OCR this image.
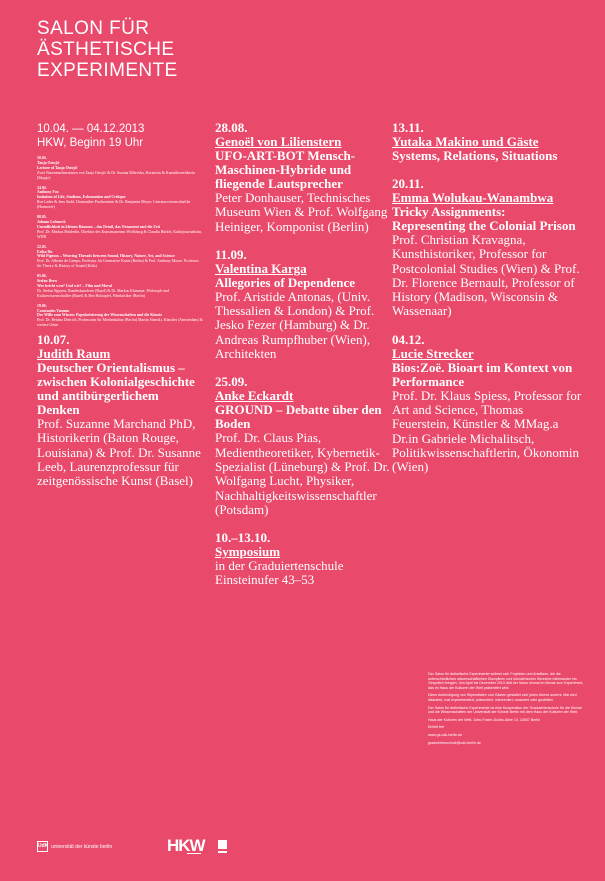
SALON FÜR
ÄSTHETISCHE
EXPERIMENTE
10.04. — 04.12.2013
HKW, Beginn 19 Uhr
10.04.
Tanja Ostojić
Lecture of Tanja Ostojić
Zwei Nasenmachnerinnen von Tanja Ostojić & Dr. Suzana Milevska, Kuratorin & Kunsttheoretikerin (Skopje)
24.04.
Anthony Fox
Imitation of Life, Studium, Exhumation and Critique
Roz Leder & Jens Stuhl, Dramatiker Produzenten & Dr. Benjamin Meyer, Literaturwissenschaftler (Hannover)
08.05.
Johann Lehmeck
Unendlichkeit in kleinen Räumen – das Detail, das Ornament und die Zeit
Prof. Dr. Markus Brüderlin, Direktor des Kunstmuseums Wolfsburg & Claudia Bürkle, Kulturjournalistin, WDR
22.05.
Erika Ho
Wild Pigeons – Weaving Threads between Sound, History, Nature, Art, and Science
Prof. Dr. Alberto de Campo, Professor für Generative Kunst (Berlin) & Prof. Anthony Moore, Professor für Theory & History of Sound (Köln)
05.06.
Stefan Bern
Wer beicht wen? Und wie? – Film und Moral
Dr. Stefan Nguyen, Bundeskanzlerin (Basel) & Dr. Markus Klammer, Philosoph und Kulturwissenschaftler (Basel) & Ben Holzapfel, Filmkritiker (Berlin)
19.06.
Constantin Vanunu
Der Wille zum Wissen: Popularisierung der Wissenschaften und die Künste
Prof. Dr. Bettina Dietrich, Professorin für Medienkultur (Berlin) Martin Sirmski, Künstler (Amsterdam) & weitere Gäste
10.07.
Judith Raum
Deutscher Orientalismus – zwischen Kolonialgeschichte und antibürgerlichem Denken
Prof. Suzanne Marchand PhD, Historikerin (Baton Rouge, Louisiana) & Prof. Dr. Susanne Leeb, Laurenzprofessur für zeitgenössische Kunst (Basel)
28.08.
Genoël von Lilienstern
UFO-ART-BOT Mensch-Maschinen-Hybride und fliegende Lautsprecher
Peter Donhauser, Technisches Museum Wien & Prof. Wolfgang Heiniger, Komponist (Berlin)
11.09.
Valentina Karga
Allegories of Dependence
Prof. Aristide Antonas, (Univ. Thessalien & London) & Prof. Jesko Fezer (Hamburg) & Dr. Andreas Rumpfhuber (Wien), Architekten
25.09.
Anke Eckardt
GROUND – Debatte über den Boden
Prof. Dr. Claus Pias, Medientheoretiker, Kybernetik-Spezialist (Lüneburg) & Prof. Dr. Wolfgang Lucht, Physiker, Nachhaltigkeitswissenschaftler (Potsdam)
10.–13.10.
Symposium
in der Graduiertenschule
Einsteinufer 43–53
13.11.
Yutaka Makino und Gäste
Systems, Relations, Situations
20.11.
Emma Wolukau-Wanambwa
Tricky Assignments: Representing the Colonial Prison
Prof. Christian Kravagna, Kunsthistoriker, Professor for Postcolonial Studies (Wien) & Prof. Dr. Florence Bernault, Professor of History (Madison, Wisconsin & Wassenaar)
04.12.
Lucie Strecker
Bios:Zoë. Bioart im Kontext von Performance
Prof. Dr. Klaus Spiess, Professor for Art and Science, Thomas Feuerstein, Künstler & MMag.a Dr.in Gabriele Michalitsch, Politikwissenschaftlerin, Ökonomin (Wien)

Der Salon für ästhetische Experimente widmet sich Projekten und Ansätzen, die die unterschiedlichen wissenschaftlichen Disziplinen und künstlerischen Bereiche miteinander ins Gespräch bringen. Von April bis Dezember 2013 lädt der Salon einmal im Monat zum Experiment, das im Haus der Kulturen der Welt präsentiert wird.

Diese Ankündigung von Stipendiaten und Gästen gestaltet sich jeden Abend anders: Mal wird diskutiert, mal experimentiert, präsentiert, interveniert, musiziert oder gestritten.

Der Salon für ästhetische Experimente ist eine Kooperation der Graduiertenschule für die Künste und die Wissenschaften der Universität der Künste Berlin mit dem Haus der Kulturen der Welt.

Haus der Kulturen der Welt, John-Foster-Dulles-Allee 10, 10557 Berlin

Eintritt frei

www.gs.udk-berlin.de

graduiertenschule@udk-berlin.de

UdK universität der künste berlin	HKW
